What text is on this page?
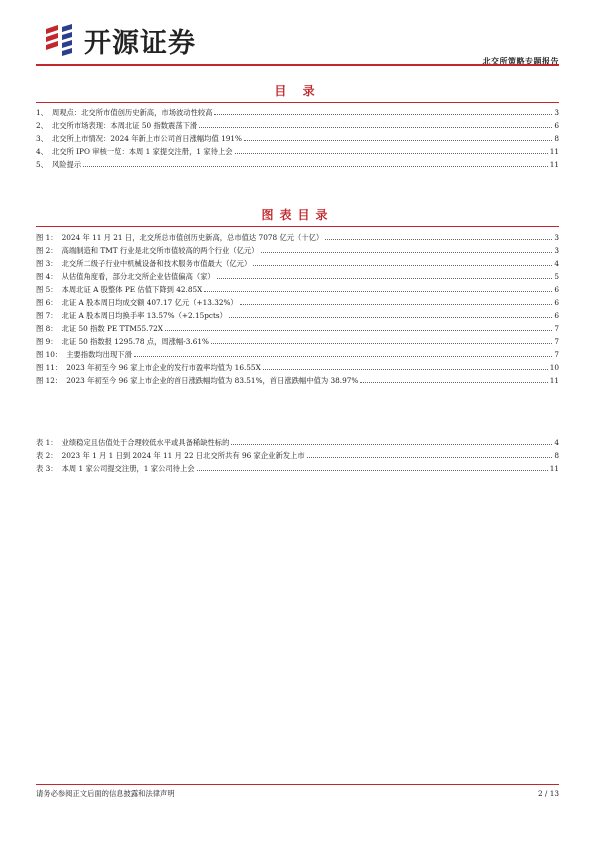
开源证券
北交所策略专题报告
目 录
1、 周观点：北交所市值创历史新高，市场波动性较高	3
2、 北交所市场表现：本周北证 50 指数震荡下滑	6
3、 北交所上市情况：2024 年新上市公司首日涨幅均值 191%	8
4、 北交所 IPO 审核一览：本周 1 家提交注册，1 家待上会	11
5、 风险提示	11
图表目录
图 1： 2024 年 11 月 21 日，北交所总市值创历史新高，总市值达 7078 亿元（十亿）	3
图 2： 高端制造和 TMT 行业是北交所市值较高的两个行业（亿元）	3
图 3： 北交所二级子行业中机械设备和技术服务市值最大（亿元）	4
图 4： 从估值角度看，部分北交所企业估值偏高（家）	5
图 5： 本周北证 A 股整体 PE 估值下降到 42.85X	6
图 6： 北证 A 股本周日均成交额 407.17 亿元（+13.32%）	6
图 7： 北证 A 股本周日均换手率 13.57%（+2.15pcts）	6
图 8： 北证 50 指数 PE TTM55.72X	7
图 9： 北证 50 指数报 1295.78 点，周涨幅-3.61%	7
图 10： 主要指数均出现下滑	7
图 11： 2023 年初至今 96 家上市企业的发行市盈率均值为 16.55X	10
图 12： 2023 年初至今 96 家上市企业的首日涨跌幅均值为 83.51%，首日涨跌幅中值为 38.97%	11
表 1： 业绩稳定且估值处于合理较低水平或具备稀缺性标的	4
表 2： 2023 年 1 月 1 日到 2024 年 11 月 22 日北交所共有 96 家企业新发上市	8
表 3： 本周 1 家公司提交注册，1 家公司待上会	11
请务必参阅正文后面的信息披露和法律声明	2 / 13
